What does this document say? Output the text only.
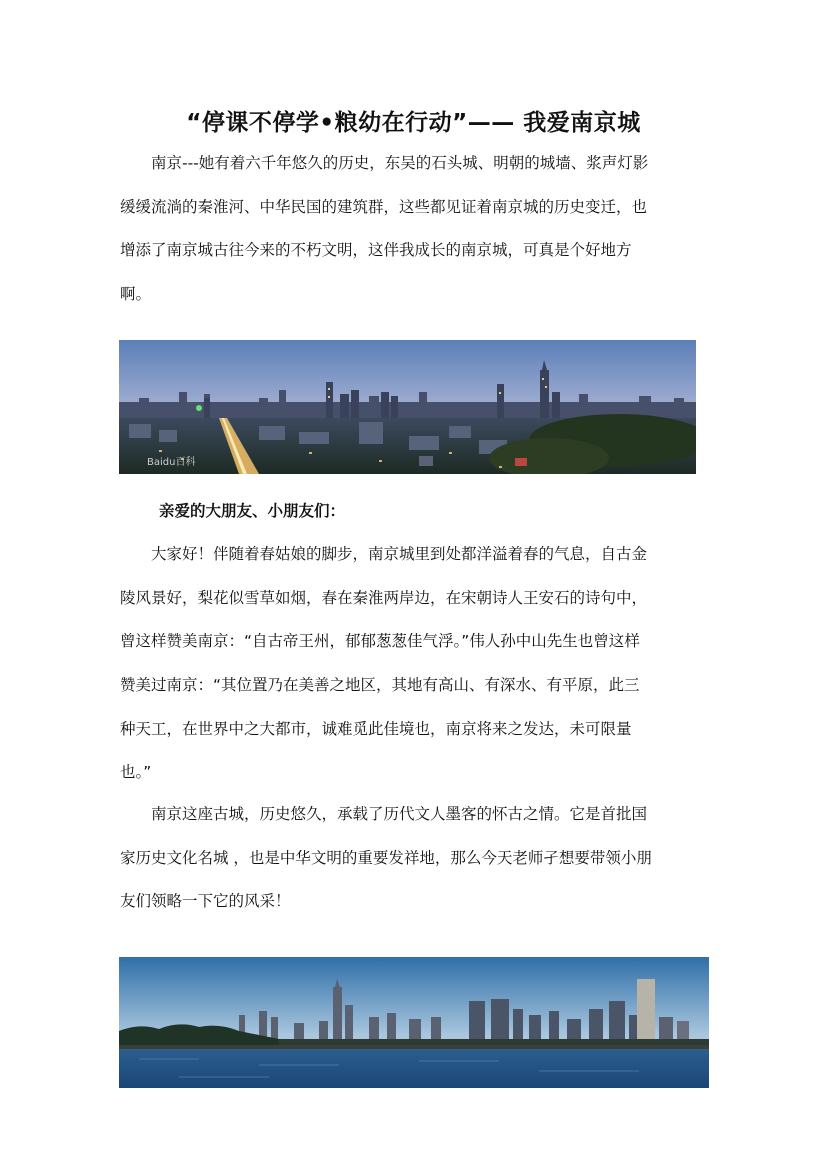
“停课不停学•粮幼在行动”—— 我爱南京城
　　南京---她有着六千年悠久的历史，东吴的石头城、明朝的城墙、浆声灯影
缓缓流淌的秦淮河、中华民国的建筑群，这些都见证着南京城的历史变迁，也
增添了南京城古往今来的不朽文明，这伴我成长的南京城，可真是个好地方
啊。
Baidu百科
亲爱的大朋友、小朋友们：
　　大家好！伴随着春姑娘的脚步，南京城里到处都洋溢着春的气息，自古金
陵风景好，梨花似雪草如烟，春在秦淮两岸边，在宋朝诗人王安石的诗句中，
曾这样赞美南京：“自古帝王州，郁郁葱葱佳气浮。”伟人孙中山先生也曾这样
赞美过南京：“其位置乃在美善之地区，其地有高山、有深水、有平原，此三
种天工，在世界中之大都市，诚难觅此佳境也，南京将来之发达，未可限量
也。”
　　南京这座古城，历史悠久，承载了历代文人墨客的怀古之情。它是首批国
家历史文化名城 ，也是中华文明的重要发祥地，那么今天老师孑想要带领小朋
友们领略一下它的风采！
